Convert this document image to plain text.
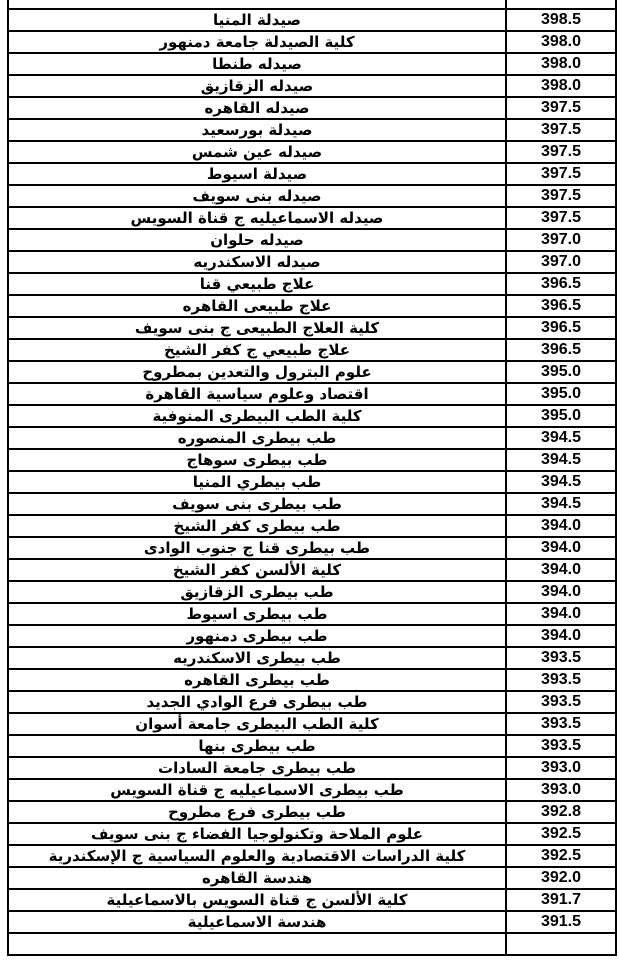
صيدلة المنيا	398.5
كلية الصيدلة جامعة دمنهور	398.0
صيدله طنطا	398.0
صيدله الزقازيق	398.0
صيدله القاهره	397.5
صيدلة بورسعيد	397.5
صيدله عين شمس	397.5
صيدلة اسيوط	397.5
صيدله بنى سويف	397.5
صيدله الاسماعيليه ج قناة السويس	397.5
صيدله حلوان	397.0
صيدله الاسكندريه	397.0
علاج طبيعي قنا	396.5
علاج طبيعى القاهره	396.5
كلية العلاج الطبيعى ج بنى سويف	396.5
علاج طبيعي ج كفر الشيخ	396.5
علوم البترول والتعدين بمطروح	395.0
اقتصاد وعلوم سياسية القاهرة	395.0
كلية الطب البيطرى المنوفية	395.0
طب بيطرى المنصوره	394.5
طب بيطرى سوهاج	394.5
طب بيطري المنيا	394.5
طب بيطرى بنى سويف	394.5
طب بيطرى كفر الشيخ	394.0
طب بيطرى قنا ج جنوب الوادى	394.0
كلية الألسن كفر الشيخ	394.0
طب بيطرى الزقازيق	394.0
طب بيطرى اسيوط	394.0
طب بيطرى دمنهور	394.0
طب بيطرى الاسكندريه	393.5
طب بيطرى القاهره	393.5
طب بيطرى فرع الوادي الجديد	393.5
كلية الطب البيطرى جامعة أسوان	393.5
طب بيطرى بنها	393.5
طب بيطرى جامعة السادات	393.0
طب بيطرى الاسماعيليه ج قناة السويس	393.0
طب بيطرى فرع مطروح	392.8
علوم الملاحة وتكنولوجيا الفضاء ج بنى سويف	392.5
كلية الدراسات الاقتصادية والعلوم السياسية ج الإسكندرية	392.5
هندسة القاهره	392.0
كلية الألسن ج قناة السويس بالاسماعيلية	391.7
هندسة الاسماعيلية	391.5
